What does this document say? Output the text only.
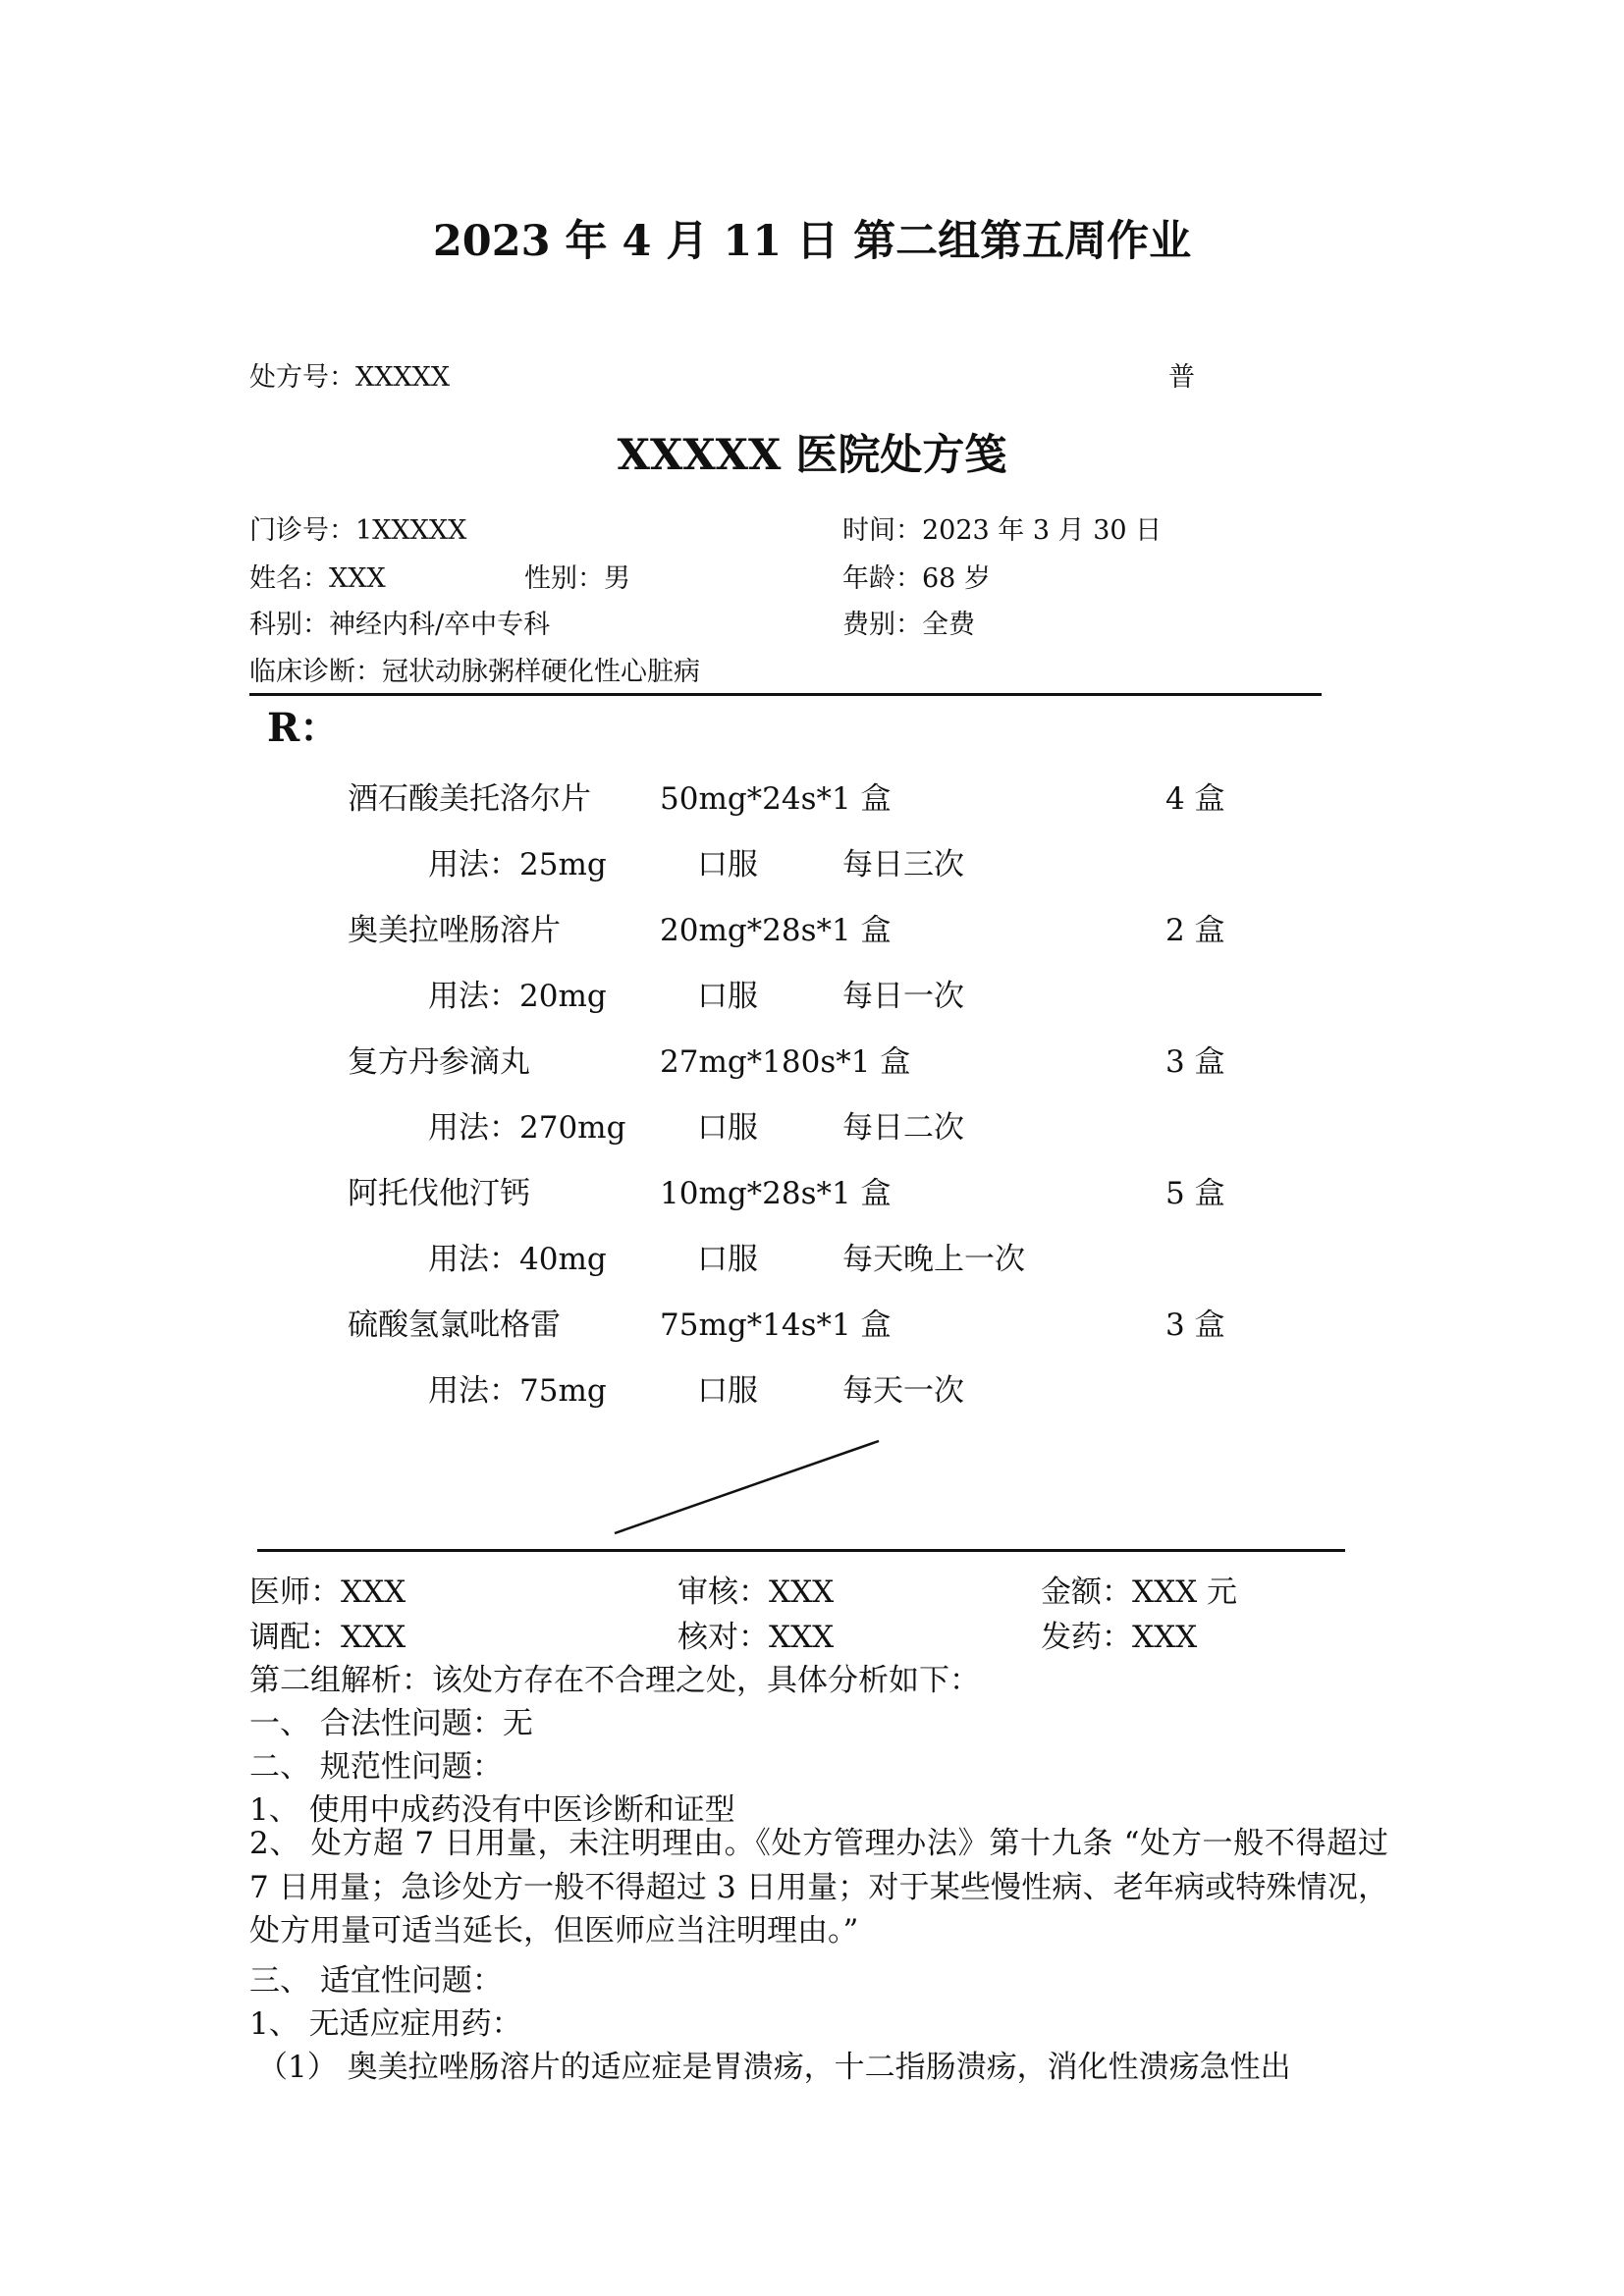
2023 年 4 月 11 日 第二组第五周作业
处方号：XXXXX	普
XXXXX 医院处方笺
门诊号：1XXXXX	时间：2023 年 3 月 30 日
姓名：XXX	性别：男	年龄：68 岁
科别：神经内科/卒中专科	费别：全费
临床诊断：冠状动脉粥样硬化性心脏病
R：
酒石酸美托洛尔片 50mg*24s*1 盒	4 盒
用法：25mg	口服	每日三次
奥美拉唑肠溶片	20mg*28s*1 盒	2 盒
用法：20mg	口服	每日一次
复方丹参滴丸	27mg*180s*1 盒	3 盒
用法：270mg 口服	每日二次
阿托伐他汀钙	10mg*28s*1 盒	5 盒
用法：40mg	口服	每天晚上一次
硫酸氢氯吡格雷	75mg*14s*1 盒	3 盒
用法：75mg	口服	每天一次
医师：XXX	审核：XXX	金额：XXX 元
调配：XXX	核对：XXX	发药：XXX
第二组解析：该处方存在不合理之处，具体分析如下：
一、 合法性问题：无
二、 规范性问题：
1、 使用中成药没有中医诊断和证型
2、 处方超 7 日用量，未注明理由。《处方管理办法》第十九条 “处方一般不得超过 7 日用量；急诊处方一般不得超过 3 日用量；对于某些慢性病、老年病或特殊情况，处方用量可适当延长，但医师应当注明理由。”
三、 适宜性问题：
1、 无适应症用药：
（1） 奥美拉唑肠溶片的适应症是胃溃疡，十二指肠溃疡，消化性溃疡急性出
